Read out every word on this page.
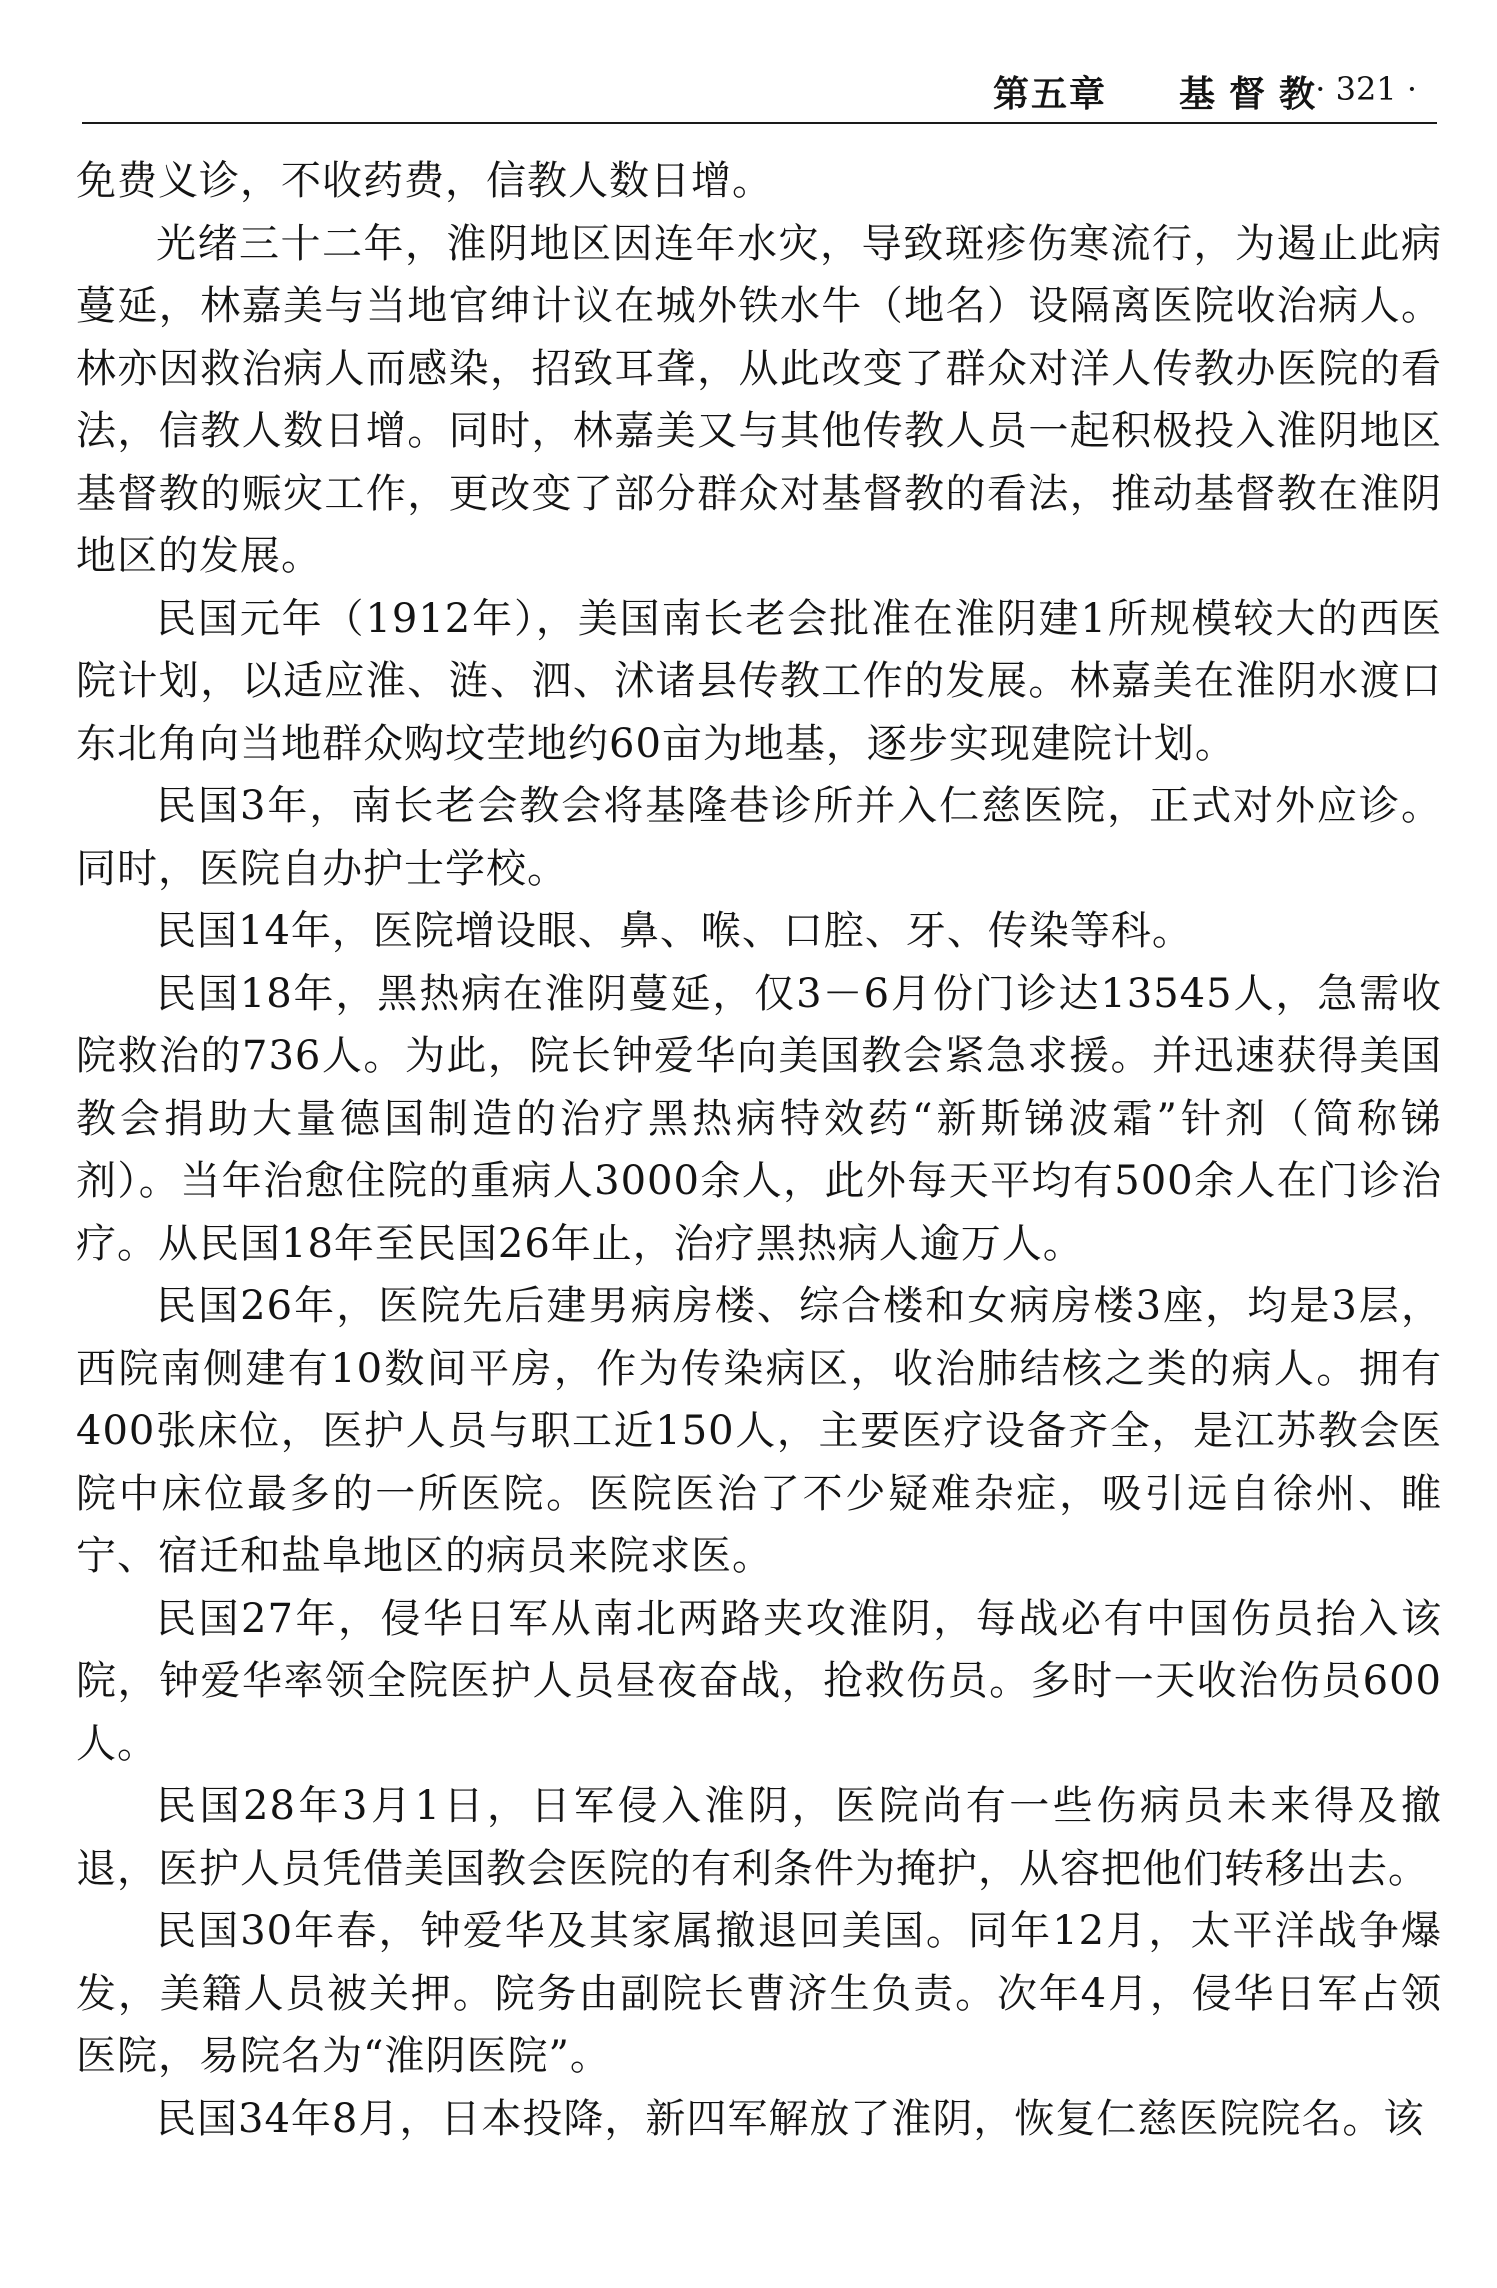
第五章 基督教
· 321 ·

免费义诊，不收药费，信教人数日增。

光绪三十二年，淮阴地区因连年水灾，导致斑疹伤寒流行，为遏止此病蔓延，林嘉美与当地官绅计议在城外铁水牛（地名）设隔离医院收治病人。林亦因救治病人而感染，招致耳聋，从此改变了群众对洋人传教办医院的看法，信教人数日增。同时，林嘉美又与其他传教人员一起积极投入淮阴地区基督教的赈灾工作，更改变了部分群众对基督教的看法，推动基督教在淮阴地区的发展。

民国元年（1912年），美国南长老会批准在淮阴建1所规模较大的西医院计划，以适应淮、涟、泗、沭诸县传教工作的发展。林嘉美在淮阴水渡口东北角向当地群众购坟茔地约60亩为地基，逐步实现建院计划。

民国3年，南长老会教会将基隆巷诊所并入仁慈医院，正式对外应诊。同时，医院自办护士学校。

民国14年，医院增设眼、鼻、喉、口腔、牙、传染等科。

民国18年，黑热病在淮阴蔓延，仅3－6月份门诊达13545人，急需收院救治的736人。为此，院长钟爱华向美国教会紧急求援。并迅速获得美国教会捐助大量德国制造的治疗黑热病特效药“新斯锑波霜”针剂（简称锑剂）。当年治愈住院的重病人3000余人，此外每天平均有500余人在门诊治疗。从民国18年至民国26年止，治疗黑热病人逾万人。

民国26年，医院先后建男病房楼、综合楼和女病房楼3座，均是3层，西院南侧建有10数间平房，作为传染病区，收治肺结核之类的病人。拥有400张床位，医护人员与职工近150人，主要医疗设备齐全，是江苏教会医院中床位最多的一所医院。医院医治了不少疑难杂症，吸引远自徐州、睢宁、宿迁和盐阜地区的病员来院求医。

民国27年，侵华日军从南北两路夹攻淮阴，每战必有中国伤员抬入该院，钟爱华率领全院医护人员昼夜奋战，抢救伤员。多时一天收治伤员600人。

民国28年3月1日，日军侵入淮阴，医院尚有一些伤病员未来得及撤退，医护人员凭借美国教会医院的有利条件为掩护，从容把他们转移出去。

民国30年春，钟爱华及其家属撤退回美国。同年12月，太平洋战争爆发，美籍人员被关押。院务由副院长曹济生负责。次年4月，侵华日军占领医院，易院名为“淮阴医院”。

民国34年8月，日本投降，新四军解放了淮阴，恢复仁慈医院院名。该
